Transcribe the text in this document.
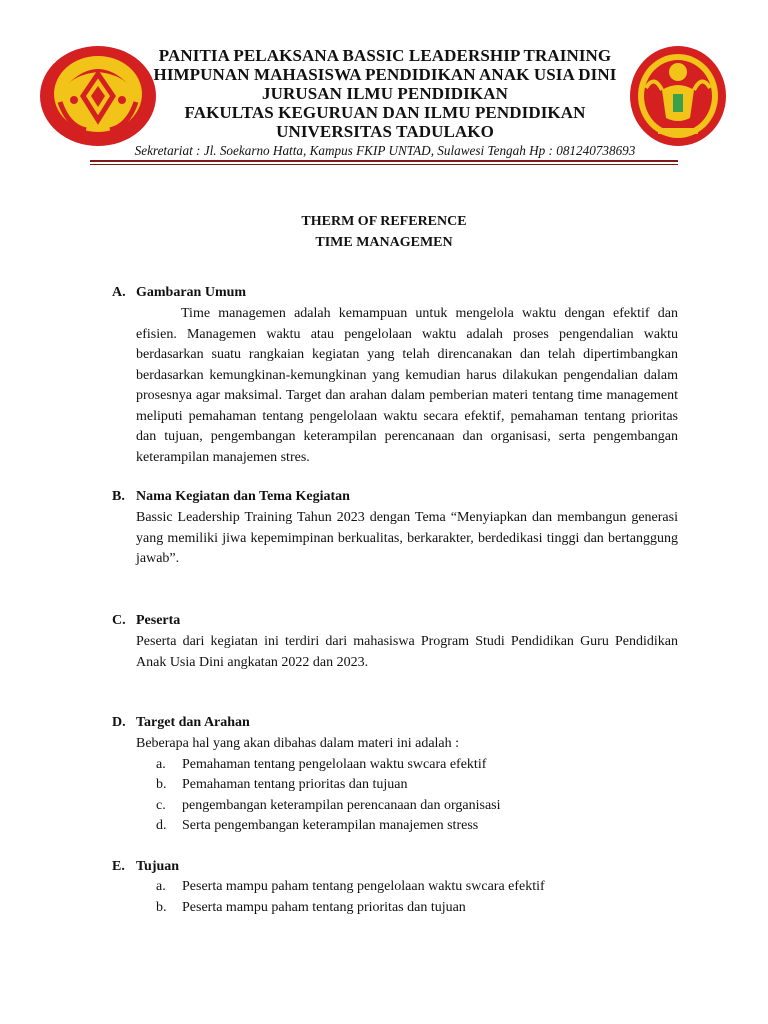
PANITIA PELAKSANA BASSIC LEADERSHIP TRAINING
HIMPUNAN MAHASISWA PENDIDIKAN ANAK USIA DINI
JURUSAN ILMU PENDIDIKAN
FAKULTAS KEGURUAN DAN ILMU PENDIDIKAN
UNIVERSITAS TADULAKO
Sekretariat : Jl. Soekarno Hatta, Kampus FKIP UNTAD, Sulawesi Tengah Hp : 081240738693
THERM OF REFERENCE
TIME MANAGEMEN
A. Gambaran Umum
Time managemen adalah kemampuan untuk mengelola waktu dengan efektif dan efisien. Managemen waktu atau pengelolaan waktu adalah proses pengendalian waktu berdasarkan suatu rangkaian kegiatan yang telah direncanakan dan telah dipertimbangkan berdasarkan kemungkinan-kemungkinan yang kemudian harus dilakukan pengendalian dalam prosesnya agar maksimal. Target dan arahan dalam pemberian materi tentang time management meliputi pemahaman tentang pengelolaan waktu secara efektif, pemahaman tentang prioritas dan tujuan, pengembangan keterampilan perencanaan dan organisasi, serta pengembangan keterampilan manajemen stres.
B. Nama Kegiatan dan Tema Kegiatan
Bassic Leadership Training Tahun 2023 dengan Tema “Menyiapkan dan membangun generasi yang memiliki jiwa kepemimpinan berkualitas, berkarakter, berdedikasi tinggi dan bertanggung jawab”.
C. Peserta
Peserta dari kegiatan ini terdiri dari mahasiswa Program Studi Pendidikan Guru Pendidikan Anak Usia Dini angkatan 2022 dan 2023.
D. Target dan Arahan
Beberapa hal yang akan dibahas dalam materi ini adalah :
a.	Pemahaman tentang pengelolaan waktu swcara efektif
b.	Pemahaman tentang prioritas dan tujuan
c.	pengembangan keterampilan perencanaan dan organisasi
d.	Serta pengembangan keterampilan manajemen stress
E. Tujuan
a.	Peserta mampu paham tentang pengelolaan waktu swcara efektif
b.	Peserta mampu paham tentang prioritas dan tujuan
